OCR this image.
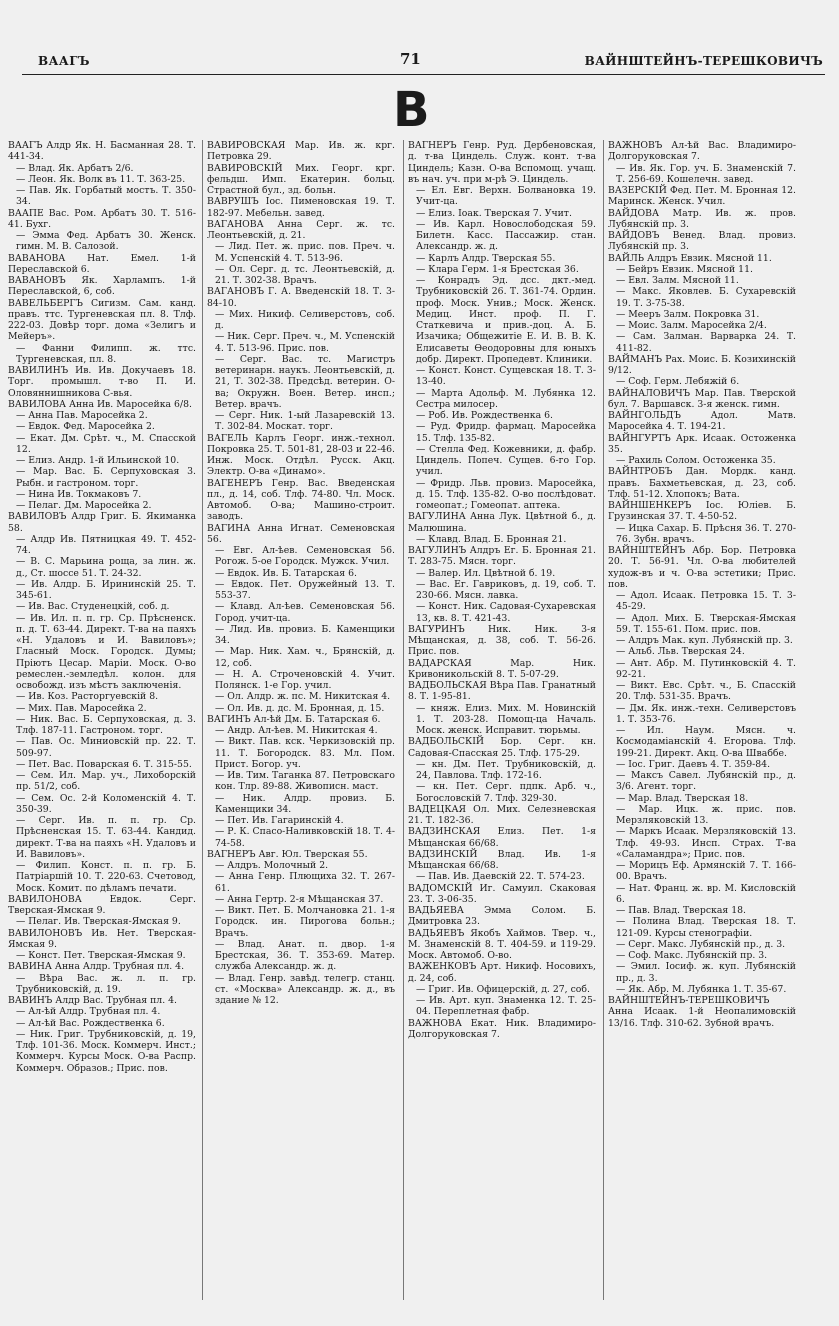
ВААГЪ	71	ВАЙНШТЕЙНЪ-ТЕРЕШКОВИЧЪ
B
ВААГЪ Алдр Як. Н. Басманная 28. Т. 441-34.
— Влад. Як. Арбатъ 2/6.
— Леон. Як. Волк въ 11. Т. 363-25.
— Пав. Як. Горбатый мостъ. Т. 350-34.
ВААПЕ Вас. Ром. Арбатъ 30. Т. 516-41. Бухг.
— Эмма Фед. Арбатъ 30. Женск. гимн. М. В. Салозой.
ВАВАНОВА Нат. Емел. 1-й Переславской 6.
ВАВАНОВЪ Як. Харлампъ. 1-й Переславской, 6, соб.
ВАВЕЛЬБЕРГЪ Сигизм. Сам. канд. правъ. ттс. Тургеневская пл. 8. Тлф. 222-03. Довѣр торг. дома «Зелигъ и Мейеръ».
— Фанни Филипп. ж. ттс. Тургеневская, пл. 8.
ВАВИЛИНЪ Ив. Ив. Докучаевъ 18. Торг. промышл. т-во П. И. Оловяннишникова С-вья.
ВАВИЛОВА Анна Ив. Маросейка 6/8.
— Анна Пав. Маросейка 2.
— Евдок. Фед. Маросейка 2.
— Екат. Дм. Срѣт. ч., М. Спасской 12.
— Елиз. Андр. 1-й Ильинской 10.
— Мар. Вас. Б. Серпуховская 3. Рыбн. и гастроном. торг.
— Нина Ив. Токмаковъ 7.
— Пелаг. Дм. Маросейка 2.
ВАВИЛОВЪ Алдр Григ. Б. Якиманка 58.
— Алдр Ив. Пятницкая 49. Т. 452-74.
— В. С. Марьина роща, за лин. ж. д., Ст. шоссе 51. Т. 24-32.
— Ив. Алдр. Б. Ирининскiй 25. Т. 345-61.
— Ив. Вас. Студенецкiй, соб. д.
— Ив. Ил. п. п. гр. Ср. Прѣсненск. п. д. Т. 63-44. Директ. Т-ва на паяхъ «Н. Удаловъ и И. Вавиловъ»; Гласный Моск. Городск. Думы; Прiютъ Цесар. Марiи. Моск. О-во ремеслен.-земледѣл. колон. для освобожд. изъ мѣстъ заключенiя.
— Ив. Коз. Расторгуевскiй 8.
— Мих. Пав. Маросейка 2.
— Ник. Вас. Б. Серпуховская, д. 3. Тлф. 187-11. Гастроном. торг.
— Пав. Ос. Миниовскiй пр. 22. Т. 509-97.
— Пет. Вас. Поварская 6. Т. 315-55.
— Сем. Ил. Мар. уч., Лихоборскiй пр. 51/2, соб.
— Сем. Ос. 2-й Коломенскiй 4. Т. 350-39.
— Серг. Ив. п. п. гр. Ср. Прѣсненская 15. Т. 63-44. Кандид. директ. Т-ва на паяхъ «Н. Удаловъ и И. Вавиловъ».
— Филип. Конст. п. п. гр. Б. Патрiаршiй 10. Т. 220-63. Счетовод, Моск. Комит. по дѣламъ печати.
ВАВИЛОНОВА Евдок. Серг. Тверская-Ямская 9.
— Пелаг. Ив. Тверская-Ямская 9.
ВАВИЛОНОВЪ Ив. Нет. Тверская-Ямская 9.
— Конст. Пет. Тверская-Ямская 9.
ВАВИНА Анна Алдр. Трубная пл. 4.
— Вѣра Вас. ж. л. п. гр. Трубниковскiй, д. 19.
ВАВИНЪ Алдр Вас. Трубная пл. 4.
— Ал-ѣй Алдр. Трубная пл. 4.
— Ал-ѣй Вас. Рождественка 6.
— Ник. Григ. Трубниковскiй, д. 19, Тлф. 101-36. Моск. Коммерч. Инст.; Коммерч. Курсы Моск. О-ва Распр. Коммерч. Образов.; Прис. пов.
ВАВИРОВСКАЯ Мар. Ив. ж. крг. Петровка 29.
ВАВИРОВСКIЙ Мих. Георг. крг. фельдш. Имп. Екатерин. больц. Страстной бул., зд. больн.
ВАВРУШЪ Iос. Пименовская 19. Т. 182-97. Мебельн. завед.
ВАГАНОВА Анна Серг. ж. тс. Леонтьевскiй, д. 21.
— Лид. Пет. ж. прис. пов. Преч. ч. М. Успенскiй 4. Т. 513-96.
— Ол. Серг. д. тс. Леонтьевскiй, д. 21. Т. 302-38. Врачъ.
ВАГАНОВЪ Г. А. Введенскiй 18. Т. 3-84-10.
— Мих. Никиф. Селиверстовъ, соб. д.
— Ник. Серг. Преч. ч., М. Успенскiй 4. Т. 513-96. Прис. пов.
— Серг. Вас. тс. Магистръ ветеринарн. наукъ. Леонтьевскiй, д. 21, Т. 302-38. Предсѣд. ветерин. О-ва; Окружн. Воен. Ветер. инсп.; Ветер. врачъ.
— Серг. Ник. 1-ый Лазаревскiй 13. Т. 302-84. Москат. торг.
ВАГЕЛЬ Карлъ Георг. инж.-технол. Покровка 25. Т. 501-81, 28-03 и 22-46. Инж. Моск. Отдѣл. Русск. Акц. Электр. О-ва «Динамо».
ВАГЕНЕРЪ Генр. Вас. Введенская пл., д. 14, соб. Тлф. 74-80. Чл. Моск. Автомоб. О-ва; Машино-строит. заводъ.
ВАГИНА Анна Игнат. Семеновская 56.
— Евг. Ал-ѣев. Семеновская 56. Рогож. 5-ое Городск. Мужск. Учил.
— Евдок. Ив. Б. Татарская 6.
— Евдок. Пет. Оружейный 13. Т. 553-37.
— Клавд. Ал-ѣев. Семеновская 56. Город. учит-ца.
— Лид. Ив. провиз. Б. Каменщики 34.
— Мар. Ник. Хам. ч., Брянскiй, д. 12, соб.
— Н. А. Строченовскiй 4. Учит. Полянск. 1-е Гор. учил.
— Ол. Алдр. ж. пс. М. Никитская 4.
— Ол. Ив. д. дс. М. Бронная, д. 15.
ВАГИНЪ Ал-ѣй Дм. Б. Татарская 6.
— Андр. Ал-ѣев. М. Никитская 4.
— Викт. Пав. кск. Черкизовскiй пр. 11. Т. Богородск. 83. Мл. Пом. Прист. Богор. уч.
— Ив. Тим. Таганка 87. Петровскаго кон. Тлр. 89-88. Живописн. маст.
— Ник. Алдр. провиз. Б. Каменщики 34.
— Пет. Ив. Гагаринскiй 4.
— Р. К. Спасо-Наливковскiй 18. Т. 4-74-58.
ВАГНЕРЪ Авг. Юл. Тверская 55.
— Алдръ. Молочный 2.
— Анна Генр. Плющиха 32. Т. 267-61.
— Анна Гертр. 2-я Мѣщанская 37.
— Викт. Пет. Б. Молчановка 21. 1-я Городск. ин. Пирогова больн.; Врачъ.
— Влад. Анат. п. двор. 1-я Брестская, 36. Т. 353-69. Матер. служба Александр. ж. д.
— Влад. Генр. завѣд. телегр. станц. ст. «Москва» Александр. ж. д., въ здание № 12.
ВАГНЕРЪ Генр. Руд. Дербеновская, д. т-ва Циндель. Служ. конт. т-ва Циндель; Казн. О-ва Вспомощ. учащ. въ нач. уч. при м-рѣ Э. Циндель.
— Ел. Евг. Верхн. Болвановка 19. Учит-ца.
— Елиз. Iоак. Тверская 7. Учит.
— Ив. Карл. Новослободская 59. Билетн. Касс. Пассажир. стан. Александр. ж. д.
— Карлъ Алдр. Тверская 55.
— Клара Герм. 1-я Брестская 36.
— Конрадъ Эд. дсс. дкт.-мед. Трубниковскiй 26. Т. 361-74. Ордин. проф. Моск. Унив.; Моск. Женск. Медиц. Инст. проф. П. Г. Статкевича и прив.-доц. А. Б. Изачика; Общежитiе Е. И. В. В. К. Елисаветы Ѳеодоровны для юныхъ добр. Директ. Пропедевт. Клиники.
— Конст. Конст. Сущевская 18. Т. 3-13-40.
— Марта Адольф. М. Лубянка 12. Сестра милосер.
— Роб. Ив. Рождественка 6.
— Руд. Фридр. фармац. Маросейка 15. Тлф. 135-82.
— Стелла Фед. Кожевники, д. фабр. Циндель. Попеч. Сущев. 6-го Гор. учил.
— Фридр. Льв. провиз. Маросейка, д. 15. Тлф. 135-82. О-во послѣдоват. гомеопат.; Гомеопат. аптека.
ВАГУЛИНА Анна Лук. Цвѣтной б., д. Малюшина.
— Клавд. Влад. Б. Бронная 21.
ВАГУЛИНЪ Алдръ Ег. Б. Бронная 21. Т. 283-75. Мясн. торг.
— Валер. Ил. Цвѣтной б. 19.
— Вас. Ег. Гавриковъ, д. 19, соб. Т. 230-66. Мясн. лавка.
— Конст. Ник. Садовая-Сухаревская 13, кв. 8. Т. 421-43.
ВАГУРИНЪ Ник. Ник. 3-я Мѣщанская, д. 38, соб. Т. 56-26. Прис. пов.
ВАДАРСКАЯ Мар. Ник. Кривоникольскiй 8. Т. 5-07-29.
ВАДБОЛЬСКАЯ Вѣра Пав. Гранатный 8. Т. 1-95-81.
— княж. Елиз. Мих. М. Новинскiй 1. Т. 203-28. Помощ-ца Началь. Моск. женск. Исправит. тюрьмы.
ВАДБОЛЬСКIЙ Бор. Серг. кн. Садовая-Спасская 25. Тлф. 175-29.
— кн. Дм. Пет. Трубниковскiй, д. 24, Павлова. Тлф. 172-16.
— кн. Пет. Серг. пдпк. Арб. ч., Богословскiй 7. Тлф. 329-30.
ВАДЕЦКАЯ Ол. Мих. Селезневская 21. Т. 182-36.
ВАДЗИНСКАЯ Елиз. Пет. 1-я Мѣщанская 66/68.
ВАДЗИНСКIЙ Влад. Ив. 1-я Мѣщанская 66/68.
— Пав. Ив. Даевскiй 22. Т. 574-23.
ВАДОМСКIЙ Иг. Самуил. Скаковая 23. Т. 3-06-35.
ВАДЬЯЕВА Эмма Солом. Б. Дмитровка 23.
ВАДЬЯЕВЪ Якобъ Хаймов. Твер. ч., М. Знаменскiй 8. Т. 404-59. и 119-29. Моск. Автомоб. О-во.
ВАЖЕНКОВЪ Арт. Никиф. Носовихъ, д. 24, соб.
— Григ. Ив. Офицерскiй, д. 27, соб.
— Ив. Арт. куп. Знаменка 12. Т. 25-04. Переплетная фабр.
ВАЖНОВА Екат. Ник. Владимиро-Долгоруковская 7.
ВАЖНОВЪ Ал-ѣй Вас. Владимиро-Долгоруковская 7.
— Ив. Як. Гор. уч. Б. Знаменскiй 7. Т. 256-69. Кошелечн. завед.
ВАЗЕРСКIЙ Фед. Пет. М. Бронная 12. Маринск. Женск. Учил.
ВАЙДОВА Матр. Ив. ж. пров. Лубянскiй пр. 3.
ВАЙДОВЪ Венед. Влад. провиз. Лубянскiй пр. 3.
ВАЙЛЬ Алдръ Евзик. Мясной 11.
— Бейръ Евзик. Мясной 11.
— Евл. Залм. Мясной 11.
— Макс. Яковлев. Б. Сухаревскiй 19. Т. 3-75-38.
— Мееръ Залм. Покровка 31.
— Моис. Залм. Маросейка 2/4.
— Сам. Залман. Варварка 24. Т. 411-82.
ВАЙМАНЪ Рах. Моис. Б. Козихинскiй 9/12.
— Соф. Герм. Лебяжiй 6.
ВАЙНАЛОВИЧЪ Мар. Пав. Тверской бул. 7. Варшавск. 3-я женск. гимн.
ВАЙНГОЛЬДЪ Адол. Матв. Маросейка 4. Т. 194-21.
ВАЙНГУРТЪ Арк. Исаак. Остоженка 35.
— Рахиль Солом. Остоженка 35.
ВАЙНТРОБЪ Дан. Мордк. канд. правъ. Бахметьевская, д. 23, соб. Тлф. 51-12. Хлопокъ; Вата.
ВАЙНШЕНКЕРЪ Iос. Юлiев. Б. Грузинская 37. Т. 4-50-52.
— Ицка Сахар. Б. Прѣсня 36. Т. 270-76. Зубн. врачъ.
ВАЙНШТЕЙНЪ Абр. Бор. Петровка 20. Т. 56-91. Чл. О-ва любителей худож-въ и ч. О-ва эстетики; Прис. пов.
— Адол. Исаак. Петровка 15. Т. 3-45-29.
— Адол. Мих. Б. Тверская-Ямская 59. Т. 155-61. Пом. прис. пов.
— Алдръ Мак. куп. Лубянскiй пр. 3.
— Альб. Льв. Тверская 24.
— Ант. Абр. М. Путинковскiй 4. Т. 92-21.
— Викт. Евс. Срѣт. ч., Б. Спасскiй 20. Тлф. 531-35. Врачъ.
— Дм. Як. инж.-техн. Селиверстовъ 1. Т. 353-76.
— Ил. Наум. Мясн. ч. Космодамiанскiй 4. Егорова. Тлф. 199-21. Директ. Акц. О-ва Шваббе.
— Iос. Григ. Даевъ 4. Т. 359-84.
— Максъ Савел. Лубянскiй пр., д. 3/6. Агент. торг.
— Мар. Влад. Тверская 18.
— Мар. Ицк. ж. прис. пов. Мерзляковскiй 13.
— Маркъ Исаак. Мерзляковскiй 13. Тлф. 49-93. Инсп. Страх. Т-ва «Саламандра»; Прис. пов.
— Морицъ Еф. Армянскiй 7. Т. 166-00. Врачъ.
— Нат. Франц. ж. вр. М. Кисловскiй 6.
— Пав. Влад. Тверская 18.
— Полина Влад. Тверская 18. Т. 121-09. Курсы стенографiи.
— Серг. Макс. Лубянскiй пр., д. 3.
— Соф. Макс. Лубянскiй пр. 3.
— Эмил. Iосиф. ж. куп. Лубянскiй пр., д. 3.
— Як. Абр. М. Лубянка 1. Т. 35-67.
ВАЙНШТЕЙНЪ-ТЕРЕШКОВИЧЪ Анна Исаак. 1-й Неопалимовскiй 13/16. Тлф. 310-62. Зубной врачъ.
